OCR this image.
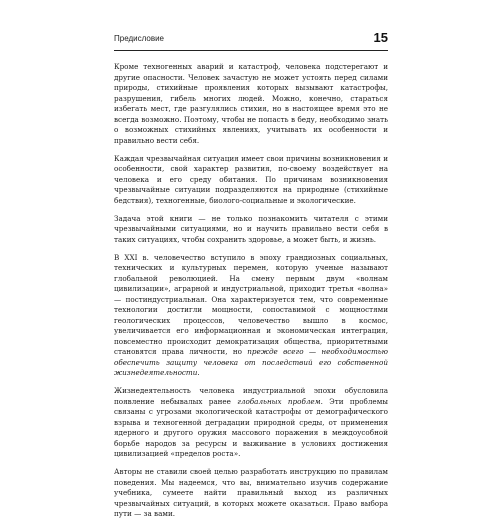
Предисловие	15

Кроме техногенных аварий и катастроф, человека подстерегают и другие опасности. Человек зачастую не может устоять перед силами природы, стихийные проявления которых вызывают катастрофы, разрушения, гибель многих людей. Можно, конечно, стараться избегать мест, где разгулялись стихия, но в настоящее время это не всегда возможно. Поэтому, чтобы не попасть в беду, необходимо знать о возможных стихийных явлениях, учитывать их особенности и правильно вести себя.

Каждая чрезвычайная ситуация имеет свои причины возникновения и особенности, свой характер развития, по-своему воздействует на человека и его среду обитания. По причинам возникновения чрезвычайные ситуации подразделяются на природные (стихийные бедствия), техногенные, биолого-социальные и экологические.

Задача этой книги — не только познакомить читателя с этими чрезвычайными ситуациями, но и научить правильно вести себя в таких ситуациях, чтобы сохранить здоровье, а может быть, и жизнь.

В XXI в. человечество вступило в эпоху грандиозных социальных, технических и культурных перемен, которую ученые называют глобальной революцией. На смену первым двум «волнам цивилизации», аграрной и индустриальной, приходит третья «волна» — постиндустриальная. Она характеризуется тем, что современные технологии достигли мощности, сопоставимой с мощностями геологических процессов, человечество вышло в космос, увеличивается его информационная и экономическая интеграция, повсеместно происходит демократизация общества, приоритетными становятся права личности, но прежде всего — необходимостью обеспечить защиту человека от последствий его собственной жизнедеятельности.

Жизнедеятельность человека индустриальной эпохи обусловила появление небывалых ранее глобальных проблем. Эти проблемы связаны с угрозами экологической катастрофы от демографического взрыва и техногенной деградации природной среды, от применения ядерного и другого оружия массового поражения в междоусобной борьбе народов за ресурсы и выживание в условиях достижения цивилизацией «пределов роста».

Авторы не ставили своей целью разработать инструкцию по правилам поведения. Мы надеемся, что вы, внимательно изучив содержание учебника, сумеете найти правильный выход из различных чрезвычайных ситуаций, в которых можете оказаться. Право выбора пути — за вами.
